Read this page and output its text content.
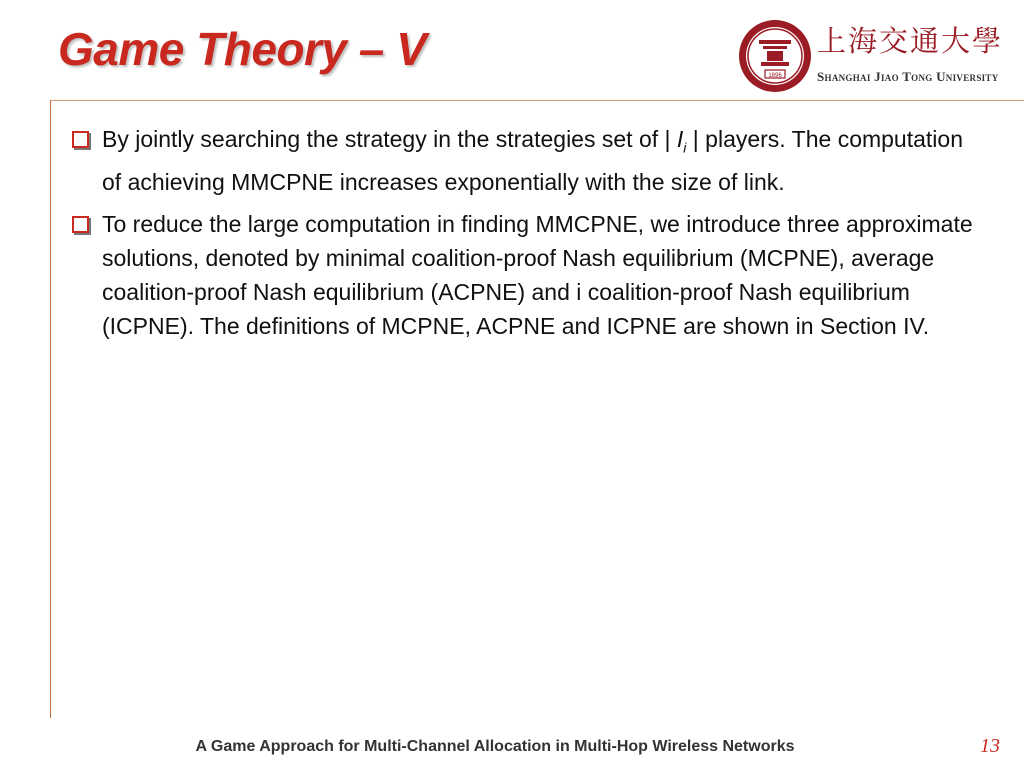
Game Theory – V
1896
上海交通大學
Shanghai Jiao Tong University
By jointly searching the strategy in the strategies set of | $I_i$ | players. The computation of achieving MMCPNE increases exponentially with the size of link.
To reduce the large computation in finding MMCPNE, we introduce three approximate solutions, denoted by minimal coalition-proof Nash equilibrium (MCPNE), average coalition-proof Nash equilibrium (ACPNE) and i coalition-proof Nash equilibrium (ICPNE). The definitions of MCPNE, ACPNE and ICPNE are shown in Section IV.
A Game Approach for Multi-Channel Allocation in Multi-Hop Wireless Networks	13
